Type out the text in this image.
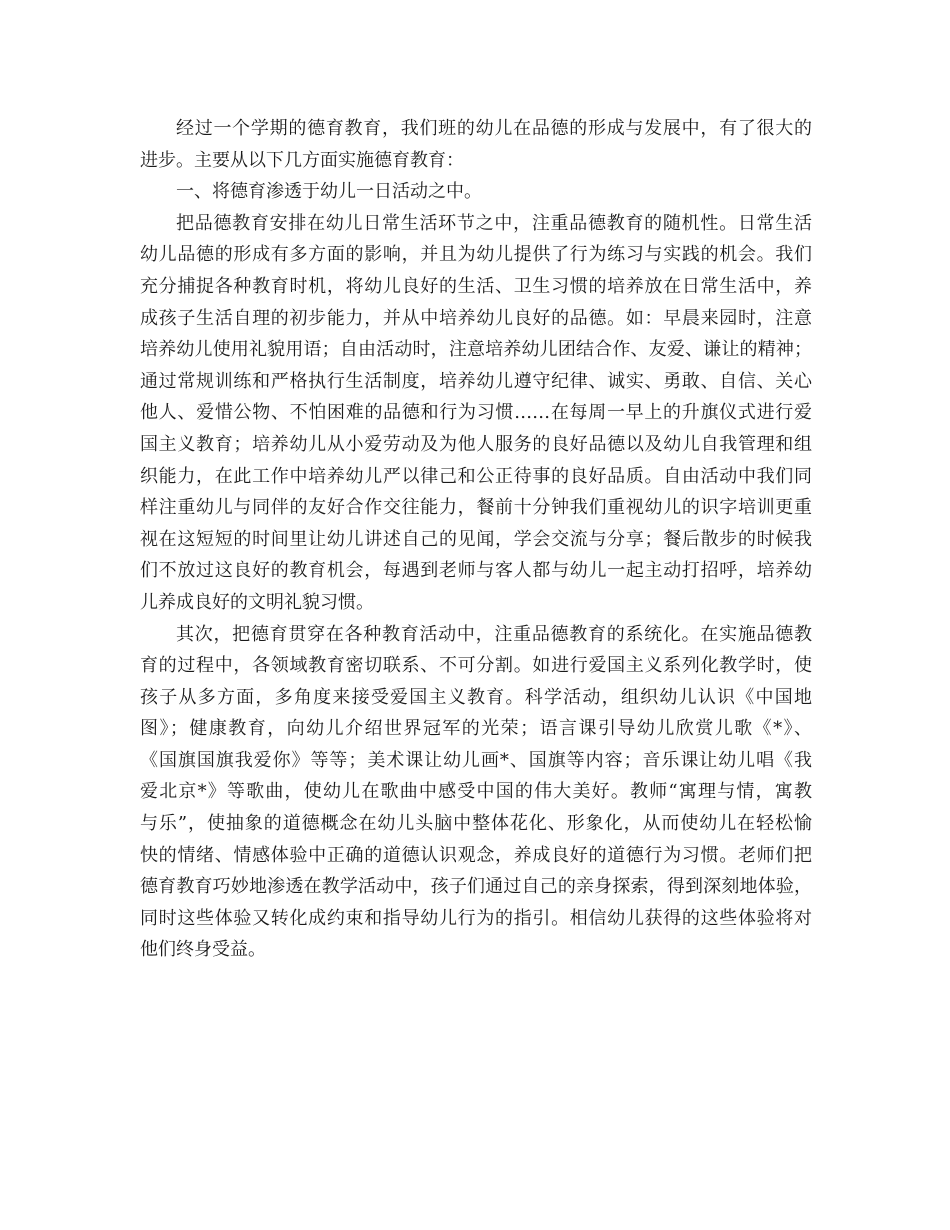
经过一个学期的德育教育，我们班的幼儿在品德的形成与发展中，有了很大的
进步。主要从以下几方面实施德育教育：
一、将德育渗透于幼儿一日活动之中。
把品德教育安排在幼儿日常生活环节之中，注重品德教育的随机性。日常生活
幼儿品德的形成有多方面的影响，并且为幼儿提供了行为练习与实践的机会。我们
充分捕捉各种教育时机，将幼儿良好的生活、卫生习惯的培养放在日常生活中，养
成孩子生活自理的初步能力，并从中培养幼儿良好的品德。如：早晨来园时，注意
培养幼儿使用礼貌用语；自由活动时，注意培养幼儿团结合作、友爱、谦让的精神；
通过常规训练和严格执行生活制度，培养幼儿遵守纪律、诚实、勇敢、自信、关心
他人、爱惜公物、不怕困难的品德和行为习惯……在每周一早上的升旗仪式进行爱
国主义教育；培养幼儿从小爱劳动及为他人服务的良好品德以及幼儿自我管理和组
织能力，在此工作中培养幼儿严以律己和公正待事的良好品质。自由活动中我们同
样注重幼儿与同伴的友好合作交往能力，餐前十分钟我们重视幼儿的识字培训更重
视在这短短的时间里让幼儿讲述自己的见闻，学会交流与分享；餐后散步的时候我
们不放过这良好的教育机会，每遇到老师与客人都与幼儿一起主动打招呼，培养幼
儿养成良好的文明礼貌习惯。
其次，把德育贯穿在各种教育活动中，注重品德教育的系统化。在实施品德教
育的过程中，各领域教育密切联系、不可分割。如进行爱国主义系列化教学时，使
孩子从多方面，多角度来接受爱国主义教育。科学活动，组织幼儿认识《中国地
图》；健康教育，向幼儿介绍世界冠军的光荣；语言课引导幼儿欣赏儿歌《*》、
《国旗国旗我爱你》等等；美术课让幼儿画*、国旗等内容；音乐课让幼儿唱《我
爱北京*》等歌曲，使幼儿在歌曲中感受中国的伟大美好。教师“寓理与情，寓教
与乐”，使抽象的道德概念在幼儿头脑中整体花化、形象化，从而使幼儿在轻松愉
快的情绪、情感体验中正确的道德认识观念，养成良好的道德行为习惯。老师们把
德育教育巧妙地渗透在教学活动中，孩子们通过自己的亲身探索，得到深刻地体验，
同时这些体验又转化成约束和指导幼儿行为的指引。相信幼儿获得的这些体验将对
他们终身受益。
